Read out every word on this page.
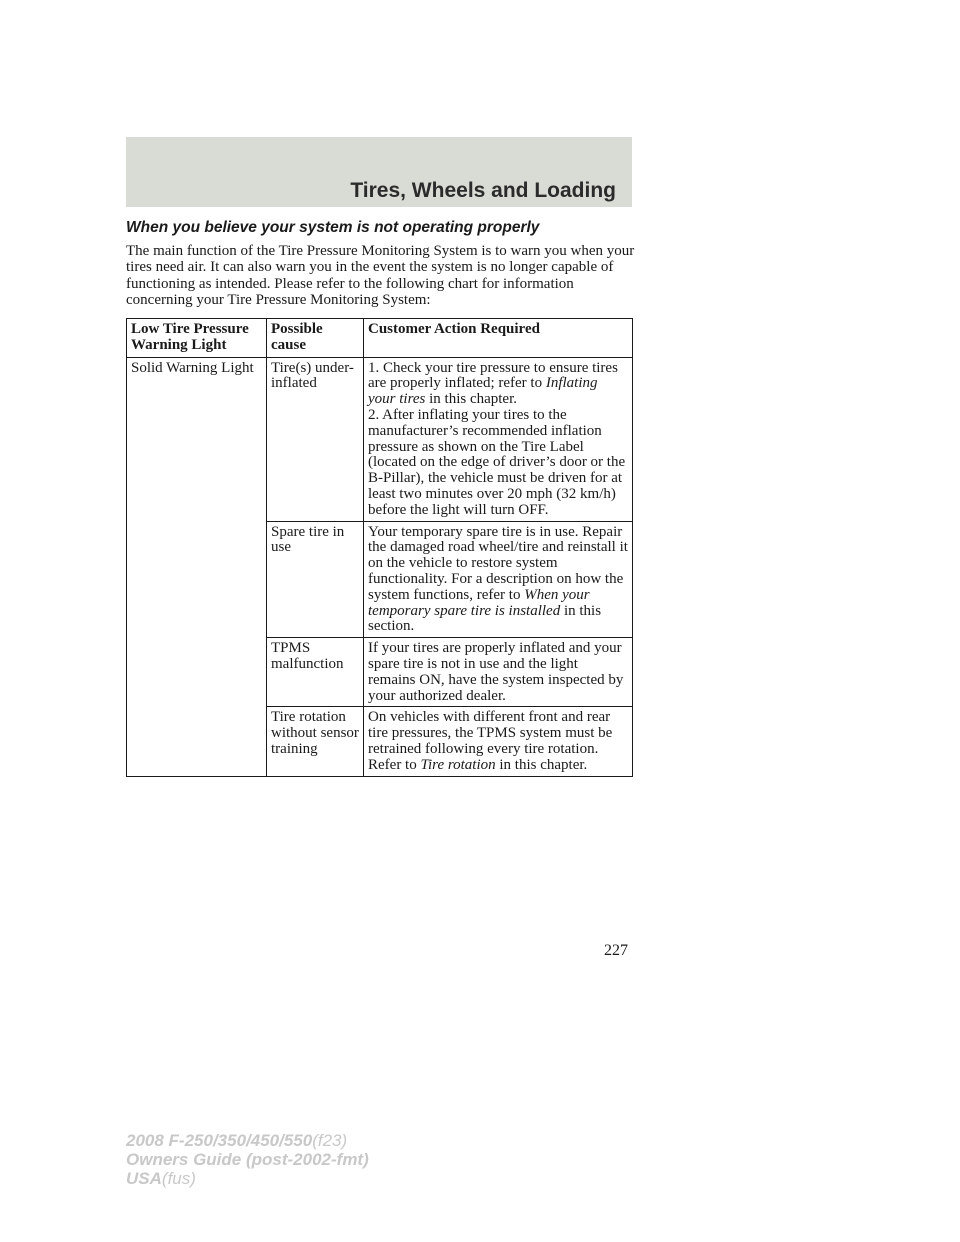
Tires, Wheels and Loading
When you believe your system is not operating properly

The main function of the Tire Pressure Monitoring System is to warn you when your tires need air. It can also warn you in the event the system is no longer capable of functioning as intended. Please refer to the following chart for information concerning your Tire Pressure Monitoring System:

Low Tire Pressure Warning Light	Possible cause	Customer Action Required
Solid Warning Light	Tire(s) under-inflated	1. Check your tire pressure to ensure tires are properly inflated; refer to Inflating your tires in this chapter.
2. After inflating your tires to the manufacturer’s recommended inflation pressure as shown on the Tire Label (located on the edge of driver’s door or the B-Pillar), the vehicle must be driven for at least two minutes over 20 mph (32 km/h) before the light will turn OFF.
	Spare tire in use	Your temporary spare tire is in use. Repair the damaged road wheel/tire and reinstall it on the vehicle to restore system functionality. For a description on how the system functions, refer to When your temporary spare tire is installed in this section.
	TPMS malfunction	If your tires are properly inflated and your spare tire is not in use and the light remains ON, have the system inspected by your authorized dealer.
	Tire rotation without sensor training	On vehicles with different front and rear tire pressures, the TPMS system must be retrained following every tire rotation. Refer to Tire rotation in this chapter.
227
2008 F-250/350/450/550(f23)
Owners Guide (post-2002-fmt)
USA(fus)
